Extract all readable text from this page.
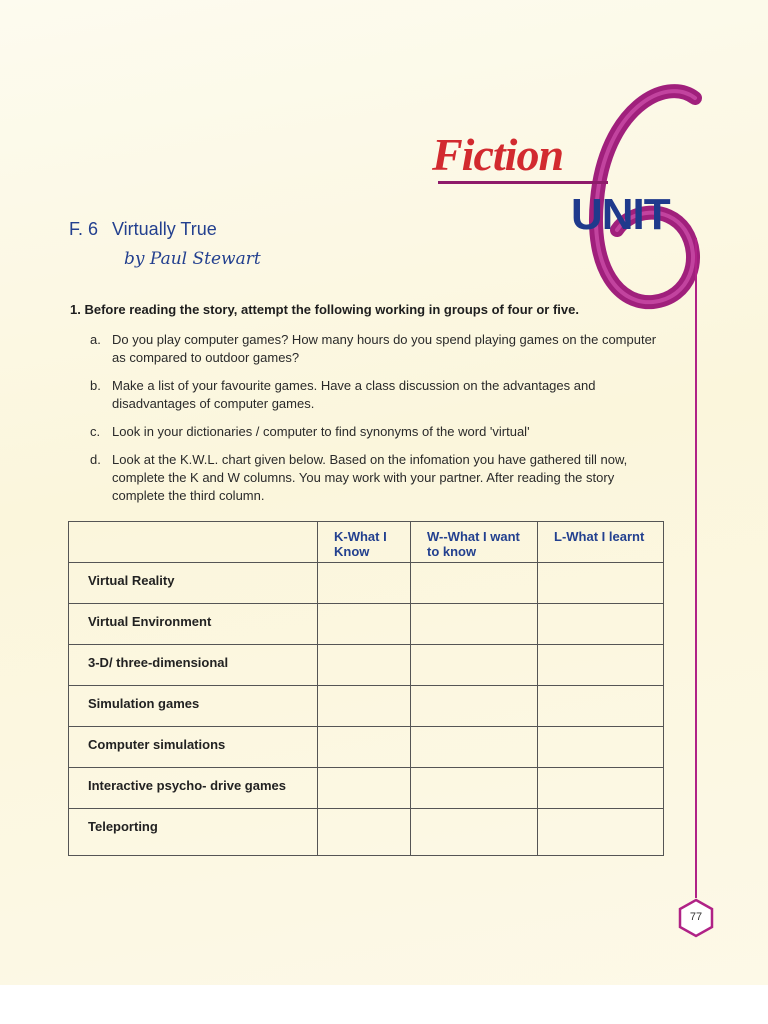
Fiction
UNIT
F. 6 Virtually True
by Paul Stewart
1. Before reading the story, attempt the following working in groups of four or five.
a. Do you play computer games? How many hours do you spend playing games on the computer as compared to outdoor games?
b. Make a list of your favourite games. Have a class discussion on the advantages and disadvantages of computer games.
c. Look in your dictionaries / computer to find synonyms of the word 'virtual'
d. Look at the K.W.L. chart given below. Based on the infomation you have gathered till now, complete the K and W columns. You may work with your partner. After reading the story complete the third column.
	K-What I Know	W--What I want to know	L-What I learnt
Virtual Reality			
Virtual Environment			
3-D/ three-dimensional			
Simulation games			
Computer simulations			
Interactive psycho- drive games			
Teleporting			
77
